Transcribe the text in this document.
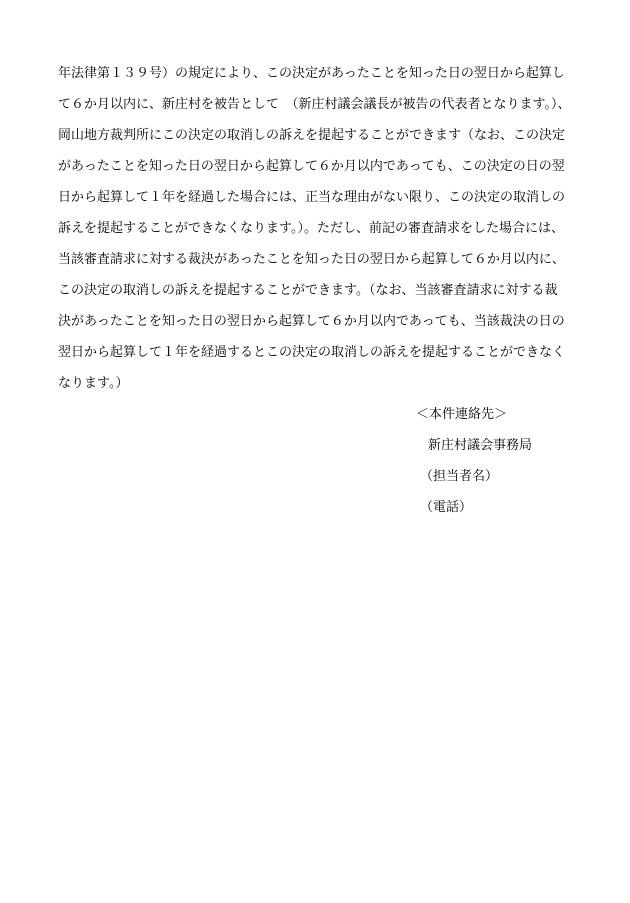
年法律第１３９号）の規定により、この決定があったことを知った日の翌日から起算し
て６か月以内に、新庄村を被告として　（新庄村議会議長が被告の代表者となります。）、
岡山地方裁判所にこの決定の取消しの訴えを提起することができます（なお、この決定
があったことを知った日の翌日から起算して６か月以内であっても、この決定の日の翌
日から起算して１年を経過した場合には、正当な理由がない限り、この決定の取消しの
訴えを提起することができなくなります。）。ただし、前記の審査請求をした場合には、
当該審査請求に対する裁決があったことを知った日の翌日から起算して６か月以内に、
この決定の取消しの訴えを提起することができます。（なお、当該審査請求に対する裁
決があったことを知った日の翌日から起算して６か月以内であっても、当該裁決の日の
翌日から起算して１年を経過するとこの決定の取消しの訴えを提起することができなく
なります。）
＜本件連絡先＞
新庄村議会事務局
（担当者名）
（電話）
